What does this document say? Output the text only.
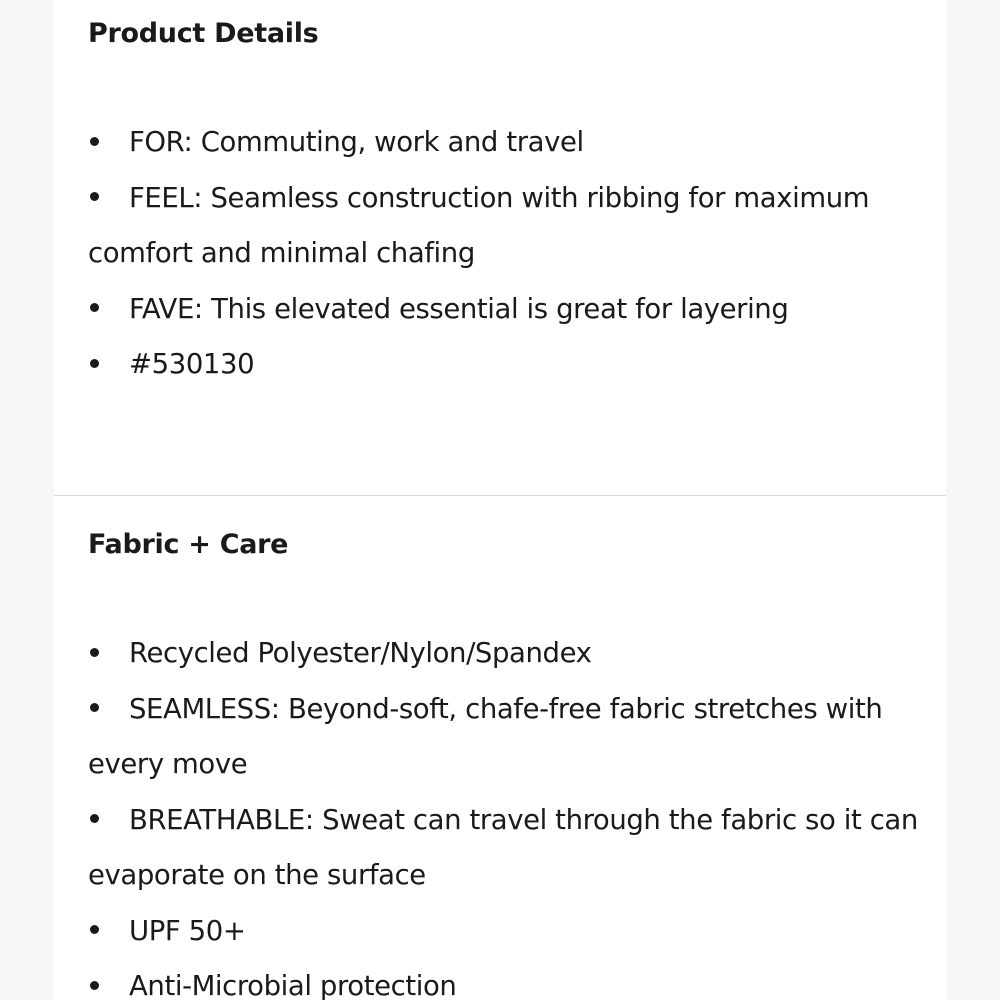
Product Details
FOR: Commuting, work and travel
FEEL: Seamless construction with ribbing for maximum comfort and minimal chafing
FAVE: This elevated essential is great for layering
#530130
Fabric + Care
Recycled Polyester/Nylon/Spandex
SEAMLESS: Beyond-soft, chafe-free fabric stretches with every move
BREATHABLE: Sweat can travel through the fabric so it can evaporate on the surface
UPF 50+
Anti-Microbial protection
